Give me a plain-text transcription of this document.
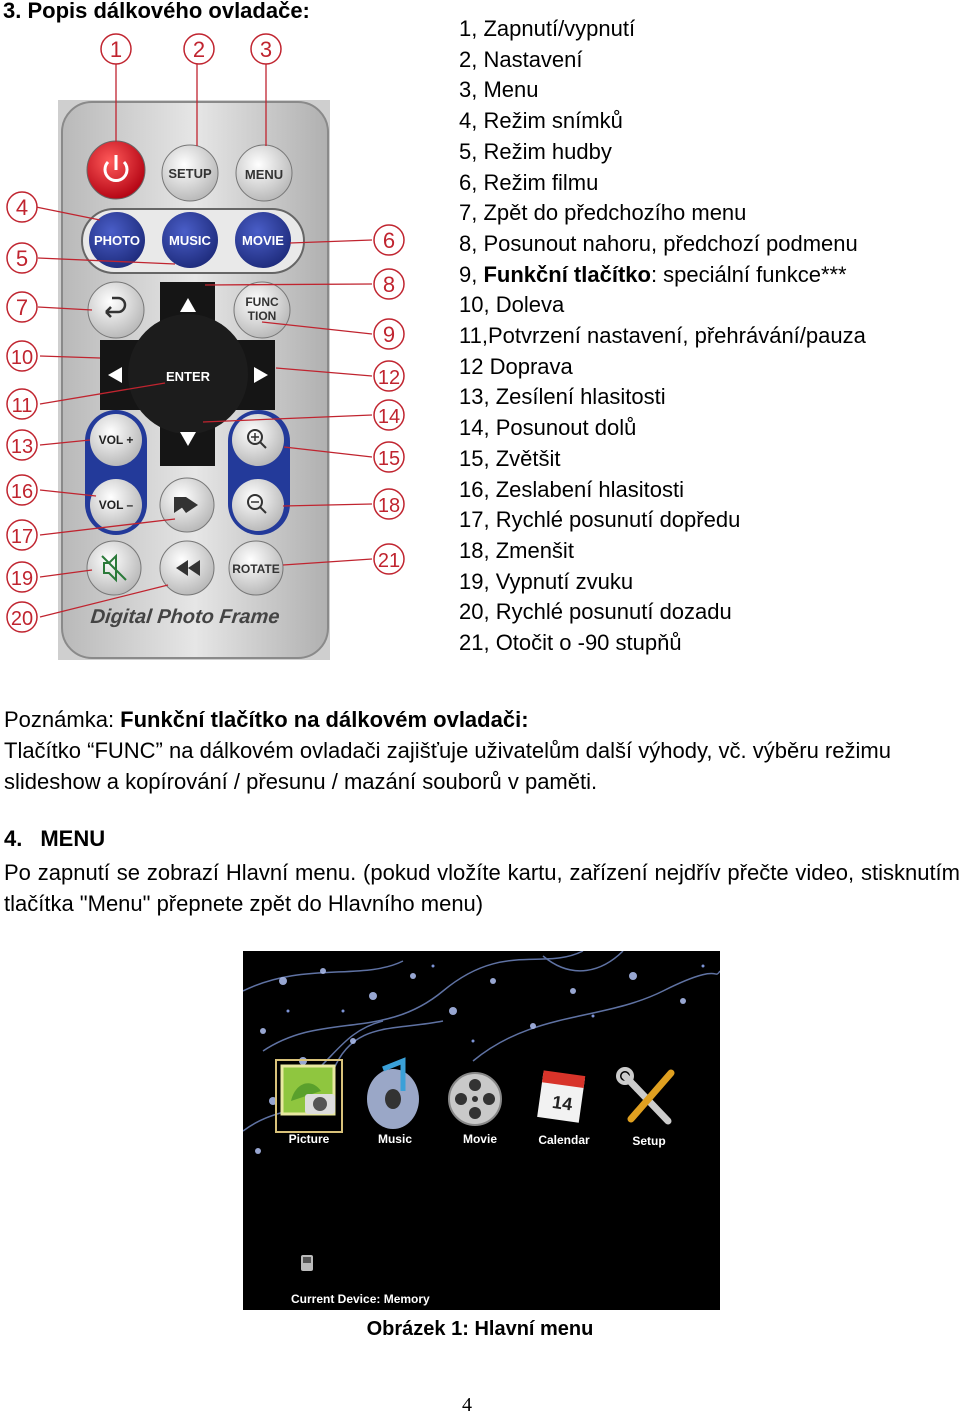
3. Popis dálkového ovladače:
SETUP	MENU
PHOTO MUSIC MOVIE
FUNC
TION
ENTER
VOL +
VOL –
ROTATE
Digital Photo Frame
1	2 3
4
5
6
7
8
9
10
11
12
13
14
15
16
17
18
19
20
21
1, Zapnutí/vypnutí
2, Nastavení
3, Menu
4, Režim snímků
5, Režim hudby
6, Režim filmu
7, Zpět do předchozího menu
8, Posunout nahoru, předchozí podmenu
9, Funkční tlačítko: speciální funkce***
10, Doleva
11,Potvrzení nastavení, přehrávání/pauza
12 Doprava
13, Zesílení hlasitosti
14, Posunout dolů
15, Zvětšit
16, Zeslabení hlasitosti
17, Rychlé posunutí dopředu
18, Zmenšit
19, Vypnutí zvuku
20, Rychlé posunutí dozadu
21, Otočit o -90 stupňů
Poznámka: Funkční tlačítko na dálkovém ovladači:
Tlačítko “FUNC” na dálkovém ovladači zajišťuje uživatelům další výhody, vč. výběru režimu slideshow a kopírování / přesunu / mazání souborů v paměti.
4. MENU
Po zapnutí se zobrazí Hlavní menu. (pokud vložíte kartu, zařízení nejdřív přečte video, stisknutím tlačítka "Menu" přepnete zpět do Hlavního menu)
Picture	Music	Movie
14
Calendar	Setup
Current Device: Memory
Obrázek 1: Hlavní menu
4
